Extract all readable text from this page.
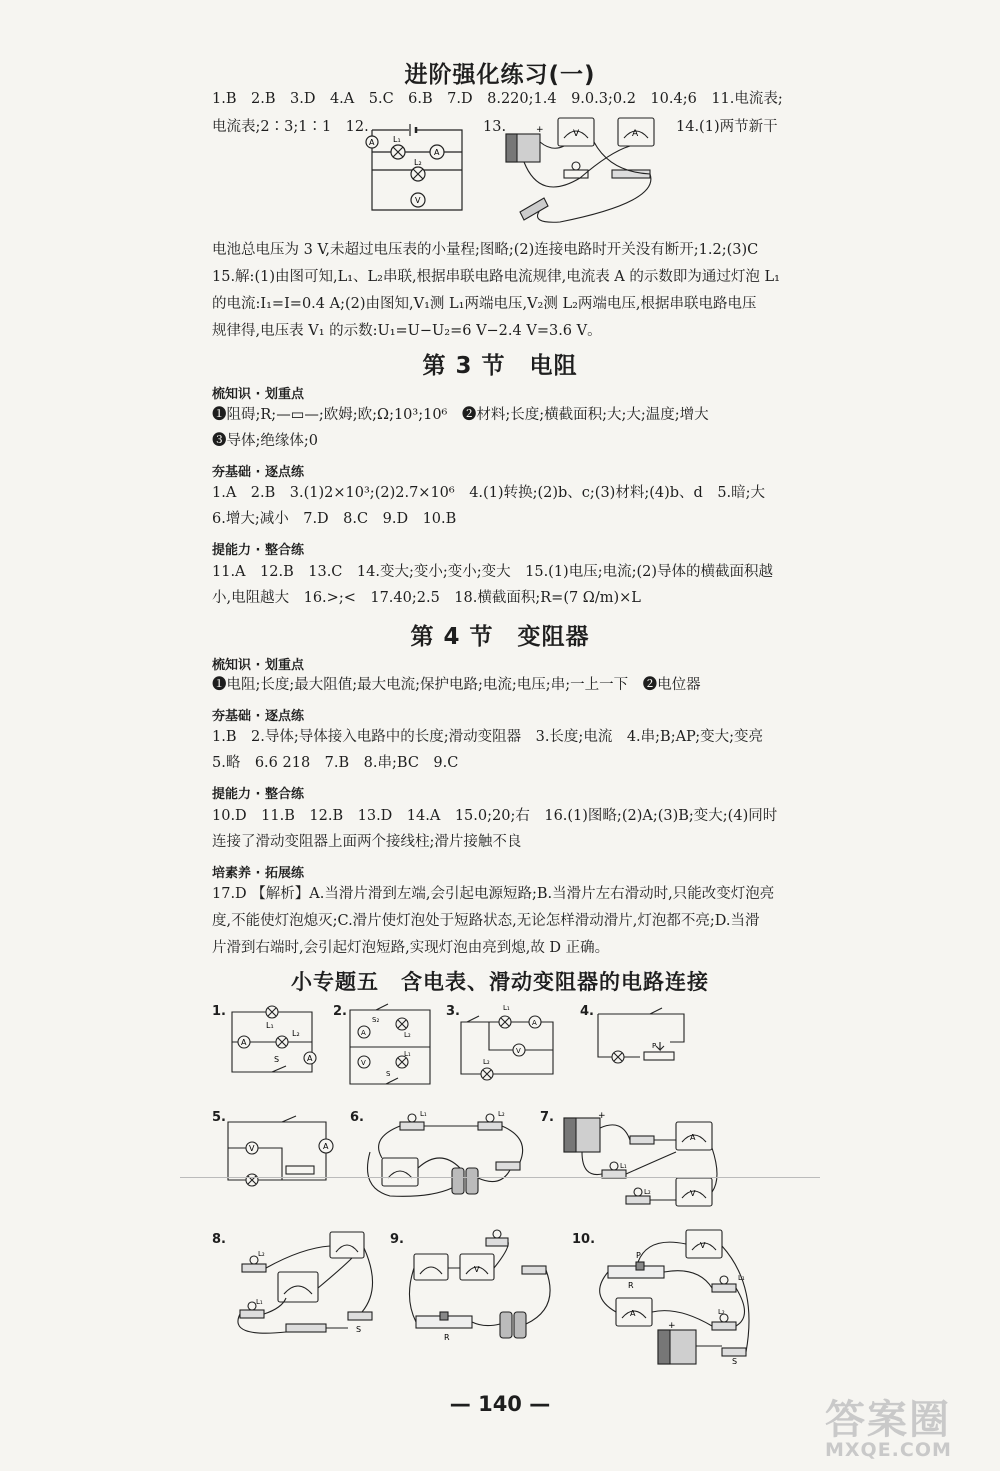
进阶强化练习(一)
1.B　2.B　3.D　4.A　5.C　6.B　7.D　8.220;1.4　9.0.3;0.2　10.4;6　11.电流表;
电流表;2∶3;1∶1　12.	13.	14.(1)两节新干
A
A
V
L₁
L₂
V	A
+
电池总电压为 3 V,未超过电压表的小量程;图略;(2)连接电路时开关没有断开;1.2;(3)C
15.解:(1)由图可知,L₁、L₂串联,根据串联电路电流规律,电流表 A 的示数即为通过灯泡 L₁
的电流:I₁=I=0.4 A;(2)由图知,V₁测 L₁两端电压,V₂测 L₂两端电压,根据串联电路电压
规律得,电压表 V₁ 的示数:U₁=U−U₂=6 V−2.4 V=3.6 V。
第 3 节　电阻
梳知识 · 划重点
❶阻碍;R;—▭—;欧姆;欧;Ω;10³;10⁶　❷材料;长度;横截面积;大;大;温度;增大
❸导体;绝缘体;0
夯基础 · 逐点练
1.A　2.B　3.(1)2×10³;(2)2.7×10⁶　4.(1)转换;(2)b、c;(3)材料;(4)b、d　5.暗;大
6.增大;减小　7.D　8.C　9.D　10.B
提能力 · 整合练
11.A　12.B　13.C　14.变大;变小;变小;变大　15.(1)电压;电流;(2)导体的横截面积越
小,电阻越大　16.>;<　17.40;2.5　18.横截面积;R=(7 Ω/m)×L
第 4 节　变阻器
梳知识 · 划重点
❶电阻;长度;最大阻值;最大电流;保护电路;电流;电压;串;一上一下　❷电位器
夯基础 · 逐点练
1.B　2.导体;导体接入电路中的长度;滑动变阻器　3.长度;电流　4.串;B;AP;变大;变亮
5.略　6.6 218　7.B　8.串;BC　9.C
提能力 · 整合练
10.D　11.B　12.B　13.D　14.A　15.0;20;右　16.(1)图略;(2)A;(3)B;变大;(4)同时
连接了滑动变阻器上面两个接线柱;滑片接触不良
培素养 · 拓展练
17.D 【解析】A.当滑片滑到左端,会引起电源短路;B.当滑片左右滑动时,只能改变灯泡亮
度,不能使灯泡熄灭;C.滑片使灯泡处于短路状态,无论怎样滑动滑片,灯泡都不亮;D.当滑
片滑到右端时,会引起灯泡短路,实现灯泡由亮到熄,故 D 正确。
小专题五　含电表、滑动变阻器的电路连接
1.
A
A
L₁
L₂
S
2.
S₂
L₂
L₁
V
A
S
3.
A
V
L₁
L₂
4.
P
5.
A
V
6.	L₁	L₂	7.	+
A
V
L₁
L₂
8.
L₂
L₁
S
9.
V
R
10.
P
R
V
A
L₁
L₂
S
+
— 140 —	答案圈
MXQE.COM
